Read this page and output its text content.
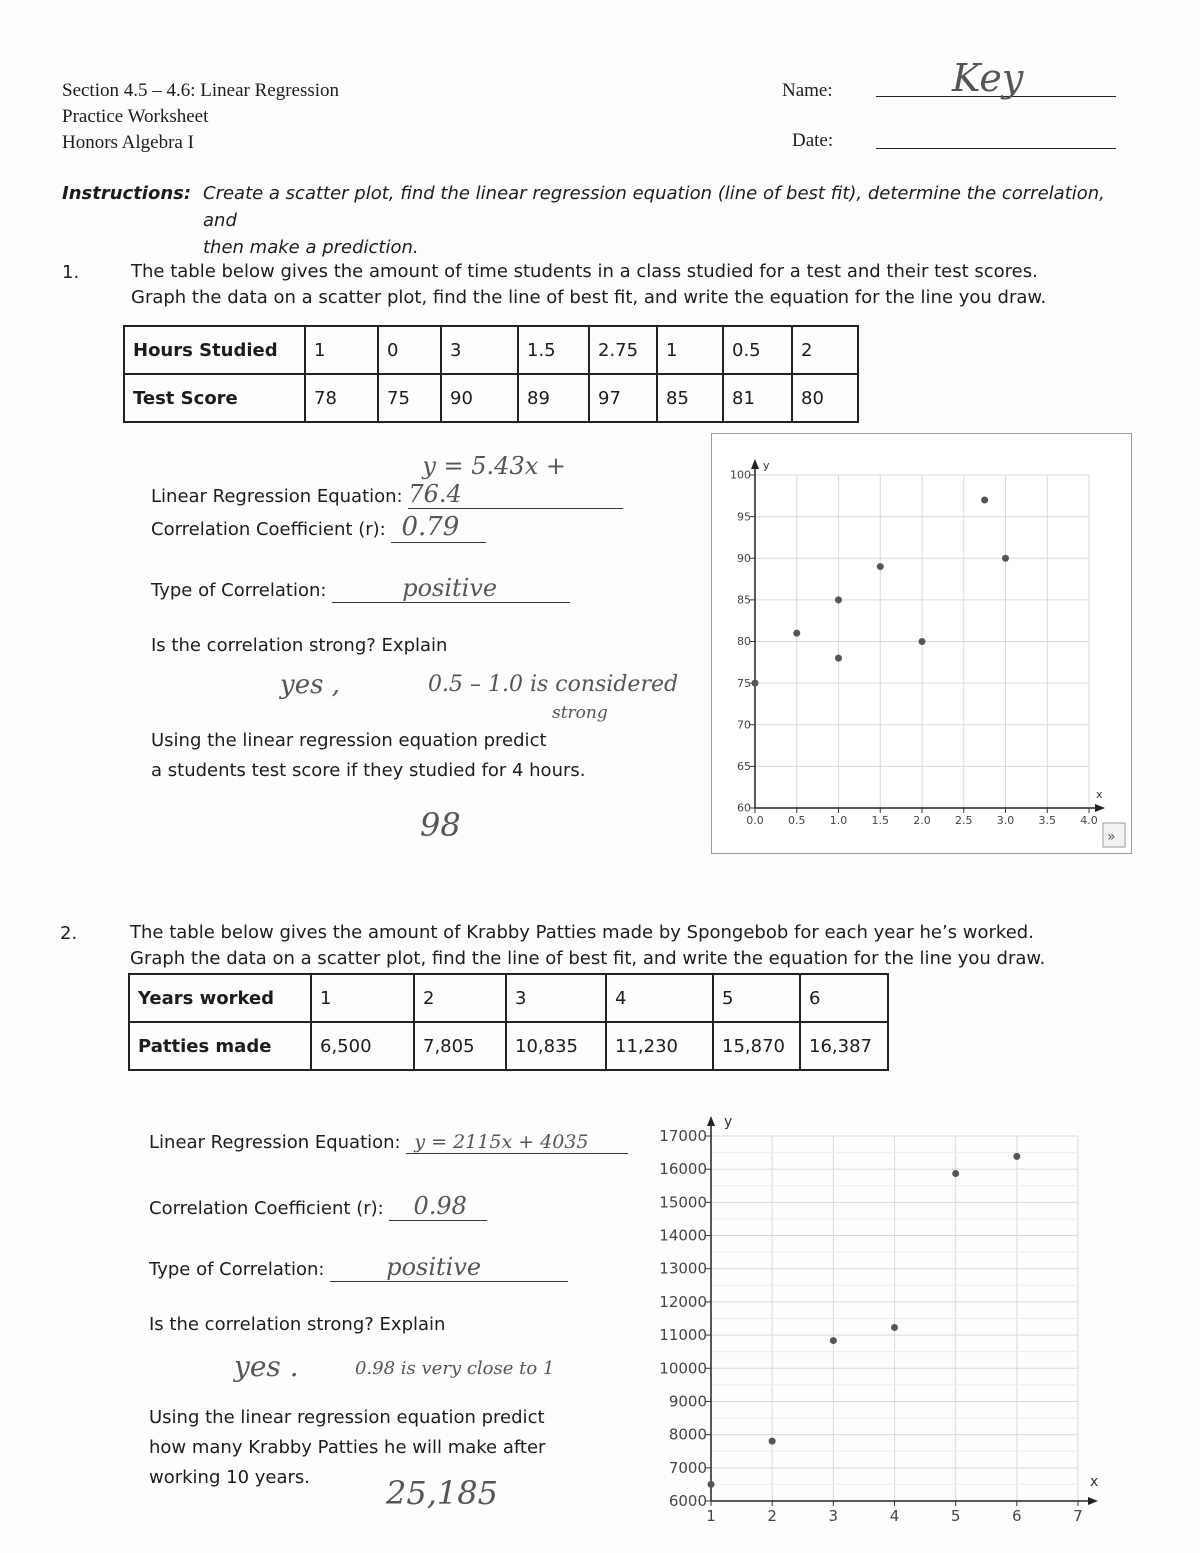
Section 4.5 – 4.6: Linear Regression
Practice Worksheet
Honors Algebra I
Name:	Key
Date:
Instructions: Create a scatter plot, find the linear regression equation (line of best fit), determine the correlation, and
then make a prediction.
1.	The table below gives the amount of time students in a class studied for a test and their test scores.
Graph the data on a scatter plot, find the line of best fit, and write the equation for the line you draw.
Hours Studied	1	0	3	1.5	2.75	1	0.5	2
Test Score	78	75	90	89	97	85	81	80
Linear Regression Equation: y = 5.43x + 76.4
Correlation Coefficient (r): 0.79
Type of Correlation:	positive
Is the correlation strong? Explain
yes ,	0.5 – 1.0 is considered
strong
Using the linear regression equation predict
a students test score if they studied for 4 hours.
98	0.0 0.5 1.0 1.5 2.0 2.5 3.0 3.5 4.0
60
65
70
75
80
85
90
95
100
y
x
»
2.	The table below gives the amount of Krabby Patties made by Spongebob for each year he’s worked.
Graph the data on a scatter plot, find the line of best fit, and write the equation for the line you draw.
Years worked	1	2	3	4	5	6
Patties made	6,500	7,805	10,835	11,230	15,870	16,387
Linear Regression Equation: y = 2115x + 4035
Correlation Coefficient (r): 0.98
Type of Correlation:	positive
Is the correlation strong? Explain
yes .	0.98 is very close to 1
Using the linear regression equation predict
how many Krabby Patties he will make after
working 10 years.	25,185
1	2	3	4	5	6	7
6000
7000
8000
9000
10000
11000
12000
13000
14000
15000
16000
17000
y
x
